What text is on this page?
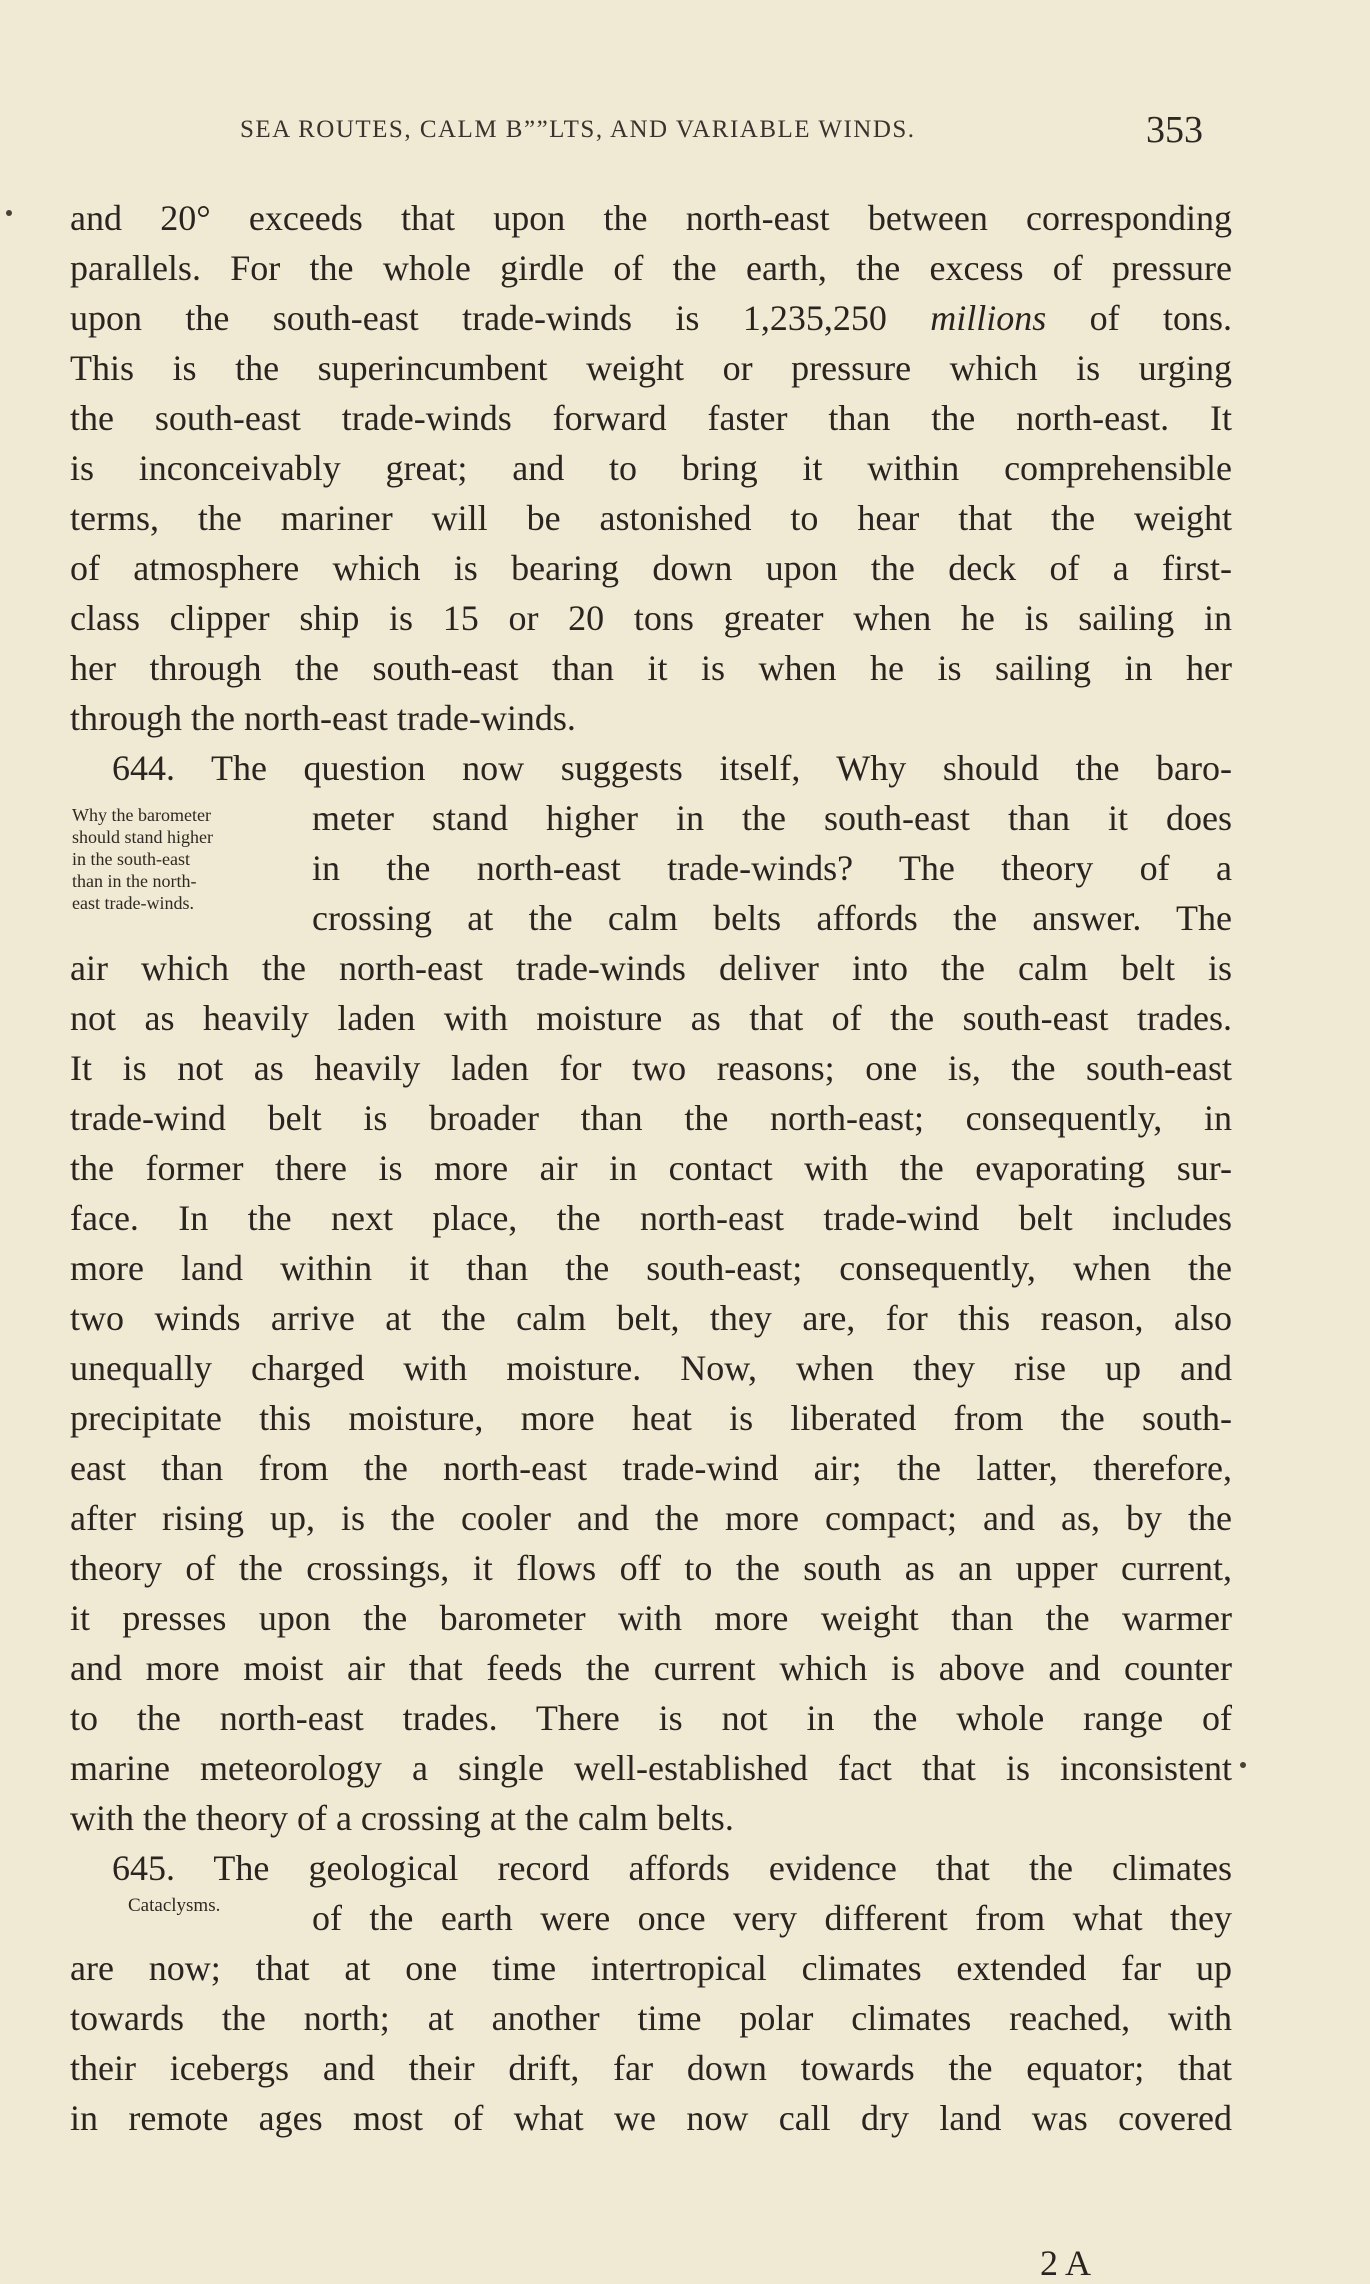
SEA ROUTES, CALM B””LTS, AND VARIABLE WINDS.	353
and 20° exceeds that upon the north-east between corresponding
parallels. For the whole girdle of the earth, the excess of pressure
upon the south-east trade-winds is 1,235,250 millions of tons.
This is the superincumbent weight or pressure which is urging
the south-east trade-winds forward faster than the north-east. It
is inconceivably great; and to bring it within comprehensible
terms, the mariner will be astonished to hear that the weight
of atmosphere which is bearing down upon the deck of a first-
class clipper ship is 15 or 20 tons greater when he is sailing in
her through the south-east than it is when he is sailing in her
through the north-east trade-winds.
644. The question now suggests itself, Why should the baro-
Why the barometer
should stand higher
in the south-east
than in the north-
east trade-winds.
meter stand higher in the south-east than it does
in the north-east trade-winds? The theory of a
crossing at the calm belts affords the answer. The
air which the north-east trade-winds deliver into the calm belt is
not as heavily laden with moisture as that of the south-east trades.
It is not as heavily laden for two reasons; one is, the south-east
trade-wind belt is broader than the north-east; consequently, in
the former there is more air in contact with the evaporating sur-
face. In the next place, the north-east trade-wind belt includes
more land within it than the south-east; consequently, when the
two winds arrive at the calm belt, they are, for this reason, also
unequally charged with moisture. Now, when they rise up and
precipitate this moisture, more heat is liberated from the south-
east than from the north-east trade-wind air; the latter, therefore,
after rising up, is the cooler and the more compact; and as, by the
theory of the crossings, it flows off to the south as an upper current,
it presses upon the barometer with more weight than the warmer
and more moist air that feeds the current which is above and counter
to the north-east trades. There is not in the whole range of
marine meteorology a single well-established fact that is inconsistent
with the theory of a crossing at the calm belts.
645. The geological record affords evidence that the climates
Cataclysms.	of the earth were once very different from what they
are now; that at one time intertropical climates extended far up
towards the north; at another time polar climates reached, with
their icebergs and their drift, far down towards the equator; that
in remote ages most of what we now call dry land was covered
2 A
